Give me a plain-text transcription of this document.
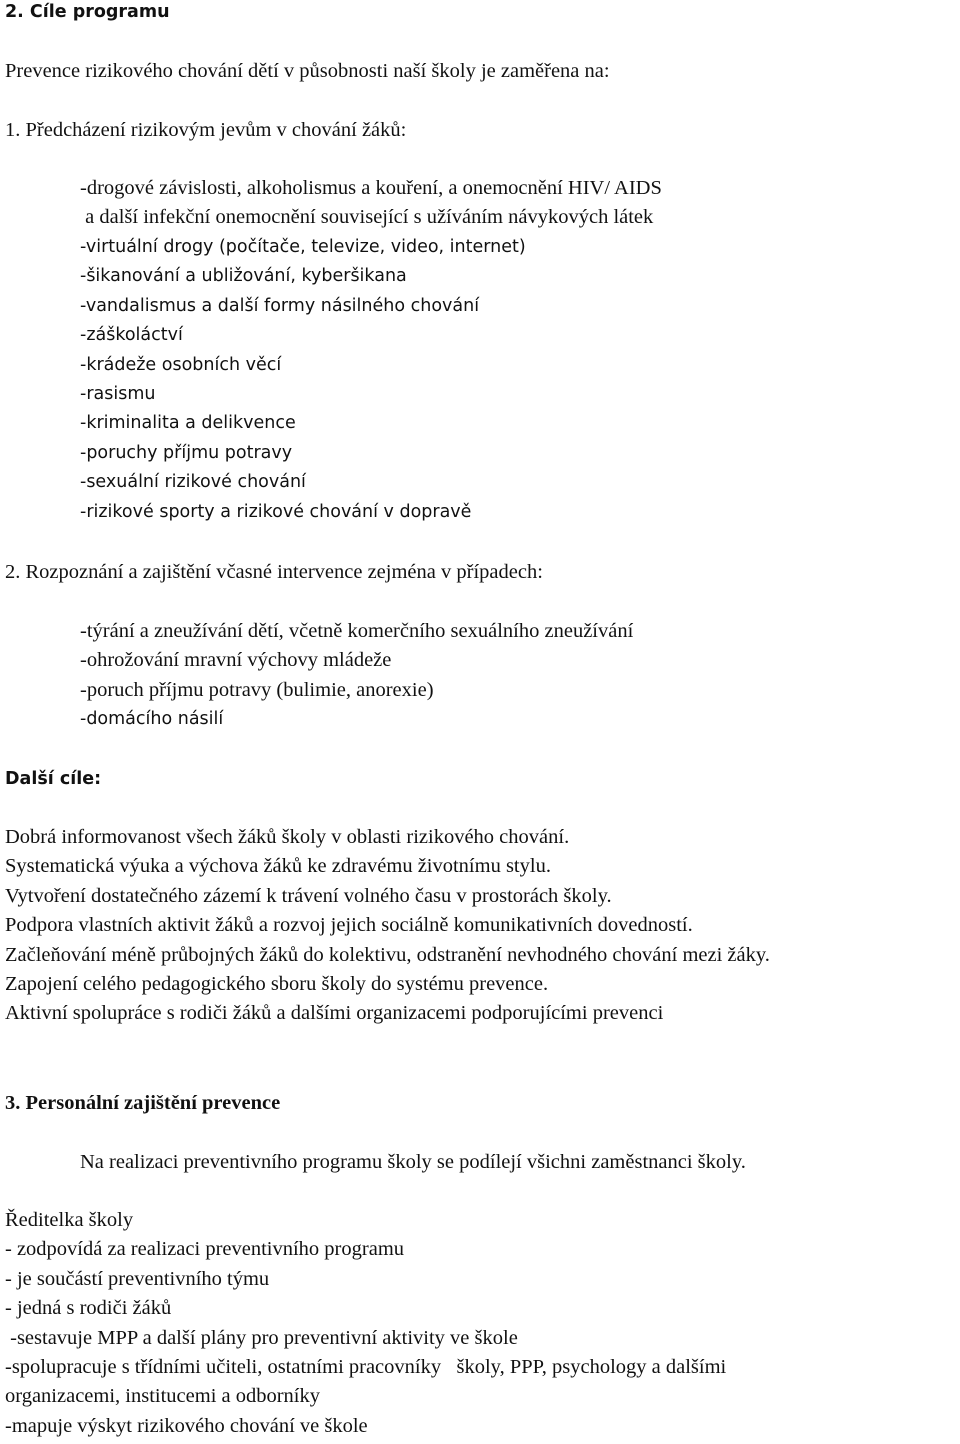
2. Cíle programu
Prevence rizikového chování dětí v působnosti naší školy je zaměřena na:
1. Předcházení rizikovým jevům v chování žáků:
-drogové závislosti, alkoholismus a kouření, a onemocnění HIV/ AIDS
a další infekční onemocnění související s užíváním návykových látek
-virtuální drogy (počítače, televize, video, internet)
-šikanování a ubližování, kyberšikana
-vandalismus a další formy násilného chování
-záškoláctví
-krádeže osobních věcí
-rasismu
-kriminalita a delikvence
-poruchy příjmu potravy
-sexuální rizikové chování
-rizikové sporty a rizikové chování v dopravě
2. Rozpoznání a zajištění včasné intervence zejména v případech:
-týrání a zneužívání dětí, včetně komerčního sexuálního zneužívání
-ohrožování mravní výchovy mládeže
-poruch příjmu potravy (bulimie, anorexie)
-domácího násilí
Další cíle:
Dobrá informovanost všech žáků školy v oblasti rizikového chování.
Systematická výuka a výchova žáků ke zdravému životnímu stylu.
Vytvoření dostatečného zázemí k trávení volného času v prostorách školy.
Podpora vlastních aktivit žáků a rozvoj jejich sociálně komunikativních dovedností.
Začleňování méně průbojných žáků do kolektivu, odstranění nevhodného chování mezi žáky.
Zapojení celého pedagogického sboru školy do systému prevence.
Aktivní spolupráce s rodiči žáků a dalšími organizacemi podporujícími prevenci
3. Personální zajištění prevence
Na realizaci preventivního programu školy se podílejí všichni zaměstnanci školy.
Ředitelka školy
- zodpovídá za realizaci preventivního programu
- je součástí preventivního týmu
- jedná s rodiči žáků
-sestavuje MPP a další plány pro preventivní aktivity ve škole
-spolupracuje s třídními učiteli, ostatními pracovníky   školy, PPP, psychology a dalšími
organizacemi, institucemi a odborníky
-mapuje výskyt rizikového chování ve škole
